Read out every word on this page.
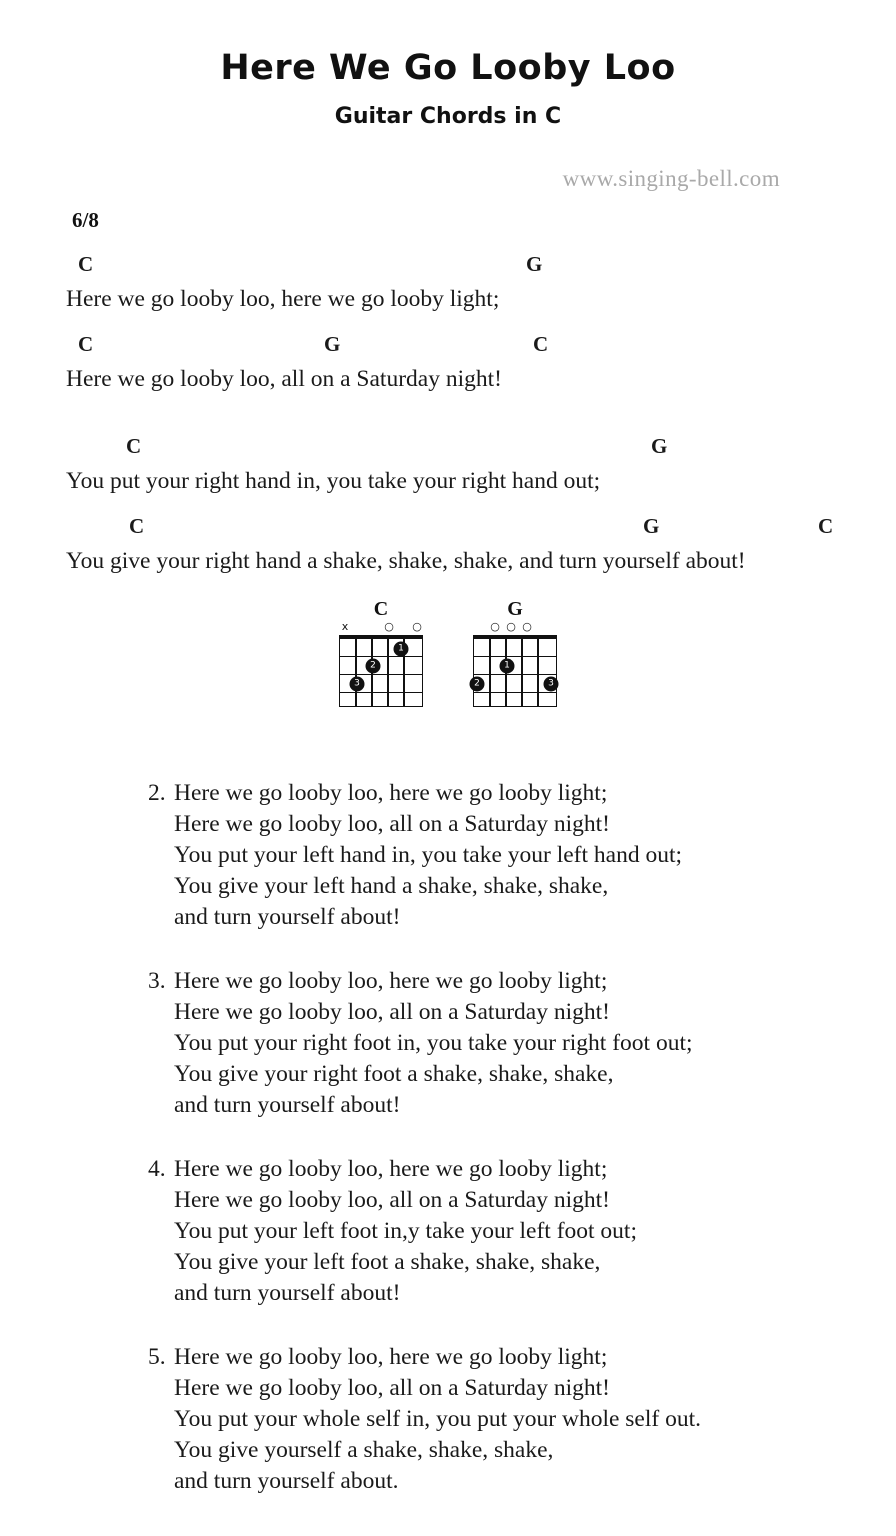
Here We Go Looby Loo
Guitar Chords in C
www.singing-bell.com
6/8
C	G
Here we go looby loo, here we go looby light;
C	G	C
Here we go looby loo, all on a Saturday night!
C	G
You put your right hand in, you take your right hand out;
C	G	C
You give your right hand a shake, shake, shake, and turn yourself about!
C
x	○ ○
1
2
3
G
○ ○ ○
1
2	3
2. Here we go looby loo, here we go looby light;
Here we go looby loo, all on a Saturday night!
You put your left hand in, you take your left hand out;
You give your left hand a shake, shake, shake,
and turn yourself about!
3. Here we go looby loo, here we go looby light;
Here we go looby loo, all on a Saturday night!
You put your right foot in, you take your right foot out;
You give your right foot a shake, shake, shake,
and turn yourself about!
4. Here we go looby loo, here we go looby light;
Here we go looby loo, all on a Saturday night!
You put your left foot in,y take your left foot out;
You give your left foot a shake, shake, shake,
and turn yourself about!
5. Here we go looby loo, here we go looby light;
Here we go looby loo, all on a Saturday night!
You put your whole self in, you put your whole self out.
You give yourself a shake, shake, shake,
and turn yourself about.
